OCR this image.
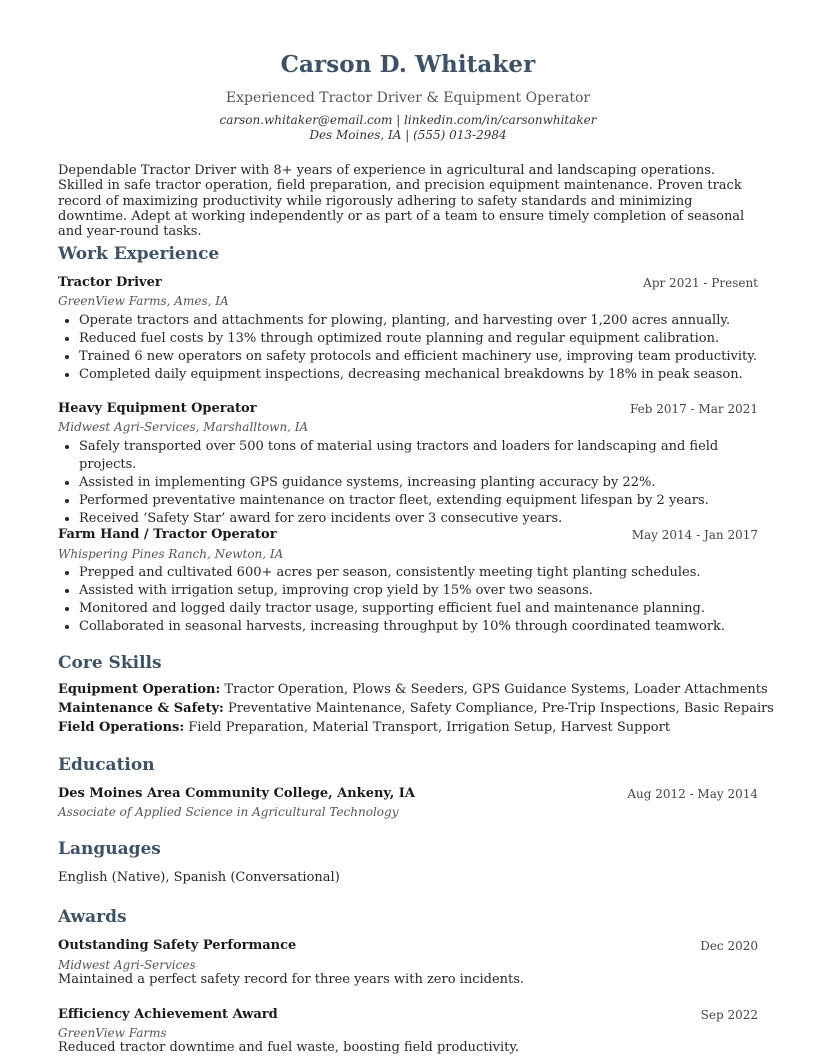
Carson D. Whitaker
Experienced Tractor Driver & Equipment Operator
carson.whitaker@email.com | linkedin.com/in/carsonwhitaker
Des Moines, IA | (555) 013-2984
Dependable Tractor Driver with 8+ years of experience in agricultural and landscaping operations. Skilled in safe tractor operation, field preparation, and precision equipment maintenance. Proven track record of maximizing productivity while rigorously adhering to safety standards and minimizing downtime. Adept at working independently or as part of a team to ensure timely completion of seasonal and year-round tasks.
Work Experience
Tractor Driver	Apr 2021 - Present
GreenView Farms, Ames, IA
• Operate tractors and attachments for plowing, planting, and harvesting over 1,200 acres annually.
• Reduced fuel costs by 13% through optimized route planning and regular equipment calibration.
• Trained 6 new operators on safety protocols and efficient machinery use, improving team productivity.
• Completed daily equipment inspections, decreasing mechanical breakdowns by 18% in peak season.
Heavy Equipment Operator	Feb 2017 - Mar 2021
Midwest Agri-Services, Marshalltown, IA
• Safely transported over 500 tons of material using tractors and loaders for landscaping and field projects.
• Assisted in implementing GPS guidance systems, increasing planting accuracy by 22%.
• Performed preventative maintenance on tractor fleet, extending equipment lifespan by 2 years.
• Received ‘Safety Star’ award for zero incidents over 3 consecutive years.
Farm Hand / Tractor Operator	May 2014 - Jan 2017
Whispering Pines Ranch, Newton, IA
• Prepped and cultivated 600+ acres per season, consistently meeting tight planting schedules.
• Assisted with irrigation setup, improving crop yield by 15% over two seasons.
• Monitored and logged daily tractor usage, supporting efficient fuel and maintenance planning.
• Collaborated in seasonal harvests, increasing throughput by 10% through coordinated teamwork.
Core Skills
Equipment Operation: Tractor Operation, Plows & Seeders, GPS Guidance Systems, Loader Attachments
Maintenance & Safety: Preventative Maintenance, Safety Compliance, Pre-Trip Inspections, Basic Repairs
Field Operations: Field Preparation, Material Transport, Irrigation Setup, Harvest Support
Education
Des Moines Area Community College, Ankeny, IA	Aug 2012 - May 2014
Associate of Applied Science in Agricultural Technology
Languages
English (Native), Spanish (Conversational)
Awards
Outstanding Safety Performance	Dec 2020
Midwest Agri-Services
Maintained a perfect safety record for three years with zero incidents.
Efficiency Achievement Award	Sep 2022
GreenView Farms
Reduced tractor downtime and fuel waste, boosting field productivity.
